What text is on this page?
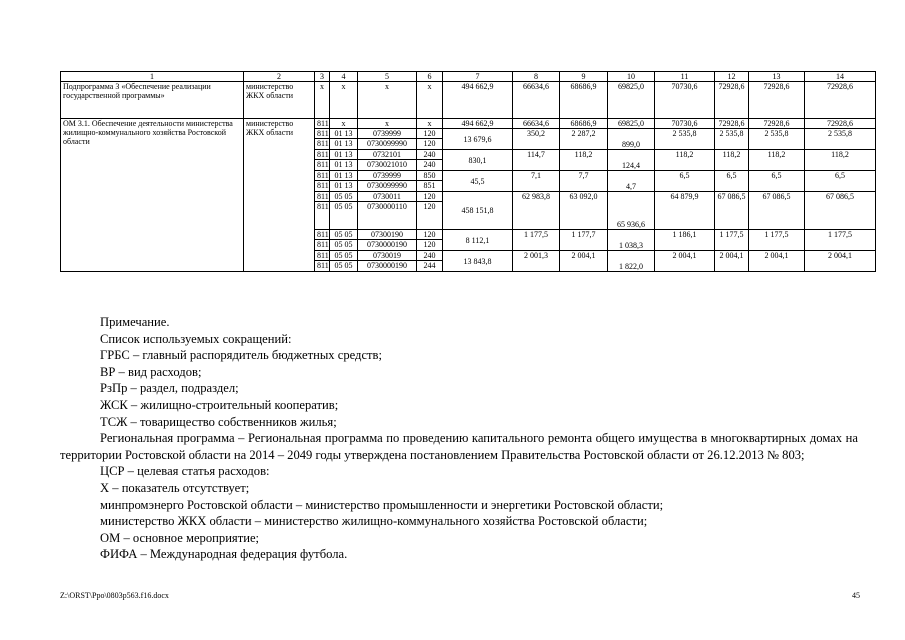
1	2	3	4	5	6	7	8	9	10	11	12	13	14
Подпрограмма 3 «Обеспечение реализации государственной программы»	министерство ЖКХ области	x	x	x	x	494 662,9	66634,6	68686,9	69825,0	70730,6	72928,6	72928,6	72928,6
ОМ 3.1. Обеспечение деятельности министерства жилищно-коммунального хозяйства Ростовской области	министерство ЖКХ области	811	x	x	x	494 662,9	66634,6	68686,9	69825,0	70730,6	72928,6	72928,6	72928,6
		811	01 13	0739999	120	13 679,6	350,2	2 287,2	899,0	2 535,8	2 535,8	2 535,8	2 535,8
		811	01 13	0730099990	120								
		811	01 13	0732101	240	830,1	114,7	118,2	124,4	118,2	118,2	118,2	118,2
		811	01 13	0730021010	240								
		811	01 13	0739999	850	45,5	7,1	7,7	4,7	6,5	6,5	6,5	6,5
		811	01 13	0730099990	851								
		811	05 05	0730011	120	458 151,8	62 983,8	63 092,0	65 936,6	64 879,9	67 086,5	67 086,5	67 086,5
		811	05 05	0730000110	120								
		811	05 05	07300190	120	8 112,1	1 177,5	1 177,7	1 038,3	1 186,1	1 177,5	1 177,5	1 177,5
		811	05 05	0730000190	120								
		811	05 05	0730019	240	13 843,8	2 001,3	2 004,1	1 822,0	2 004,1	2 004,1	2 004,1	2 004,1
		811	05 05	0730000190	244								

Примечание.

Список используемых сокращений:

ГРБС – главный распорядитель бюджетных средств;

ВР – вид расходов;

РзПр – раздел, подраздел;

ЖСК – жилищно-строительный кооператив;

ТСЖ – товарищество собственников жилья;

Региональная программа – Региональная программа по проведению капитального ремонта общего имущества в многоквартирных домах на территории Ростовской области на 2014 – 2049 годы утверждена постановлением Правительства Ростовской области от 26.12.2013 № 803;

ЦСР – целевая статья расходов:

Х – показатель отсутствует;

минпромэнерго Ростовской области – министерство промышленности и энергетики Ростовской области;

министерство ЖКХ области – министерство жилищно-коммунального хозяйства Ростовской области;

ОМ – основное мероприятие;

ФИФА – Международная федерация футбола.

Z:\ORST\Ppo\0803p563.f16.docx	45
